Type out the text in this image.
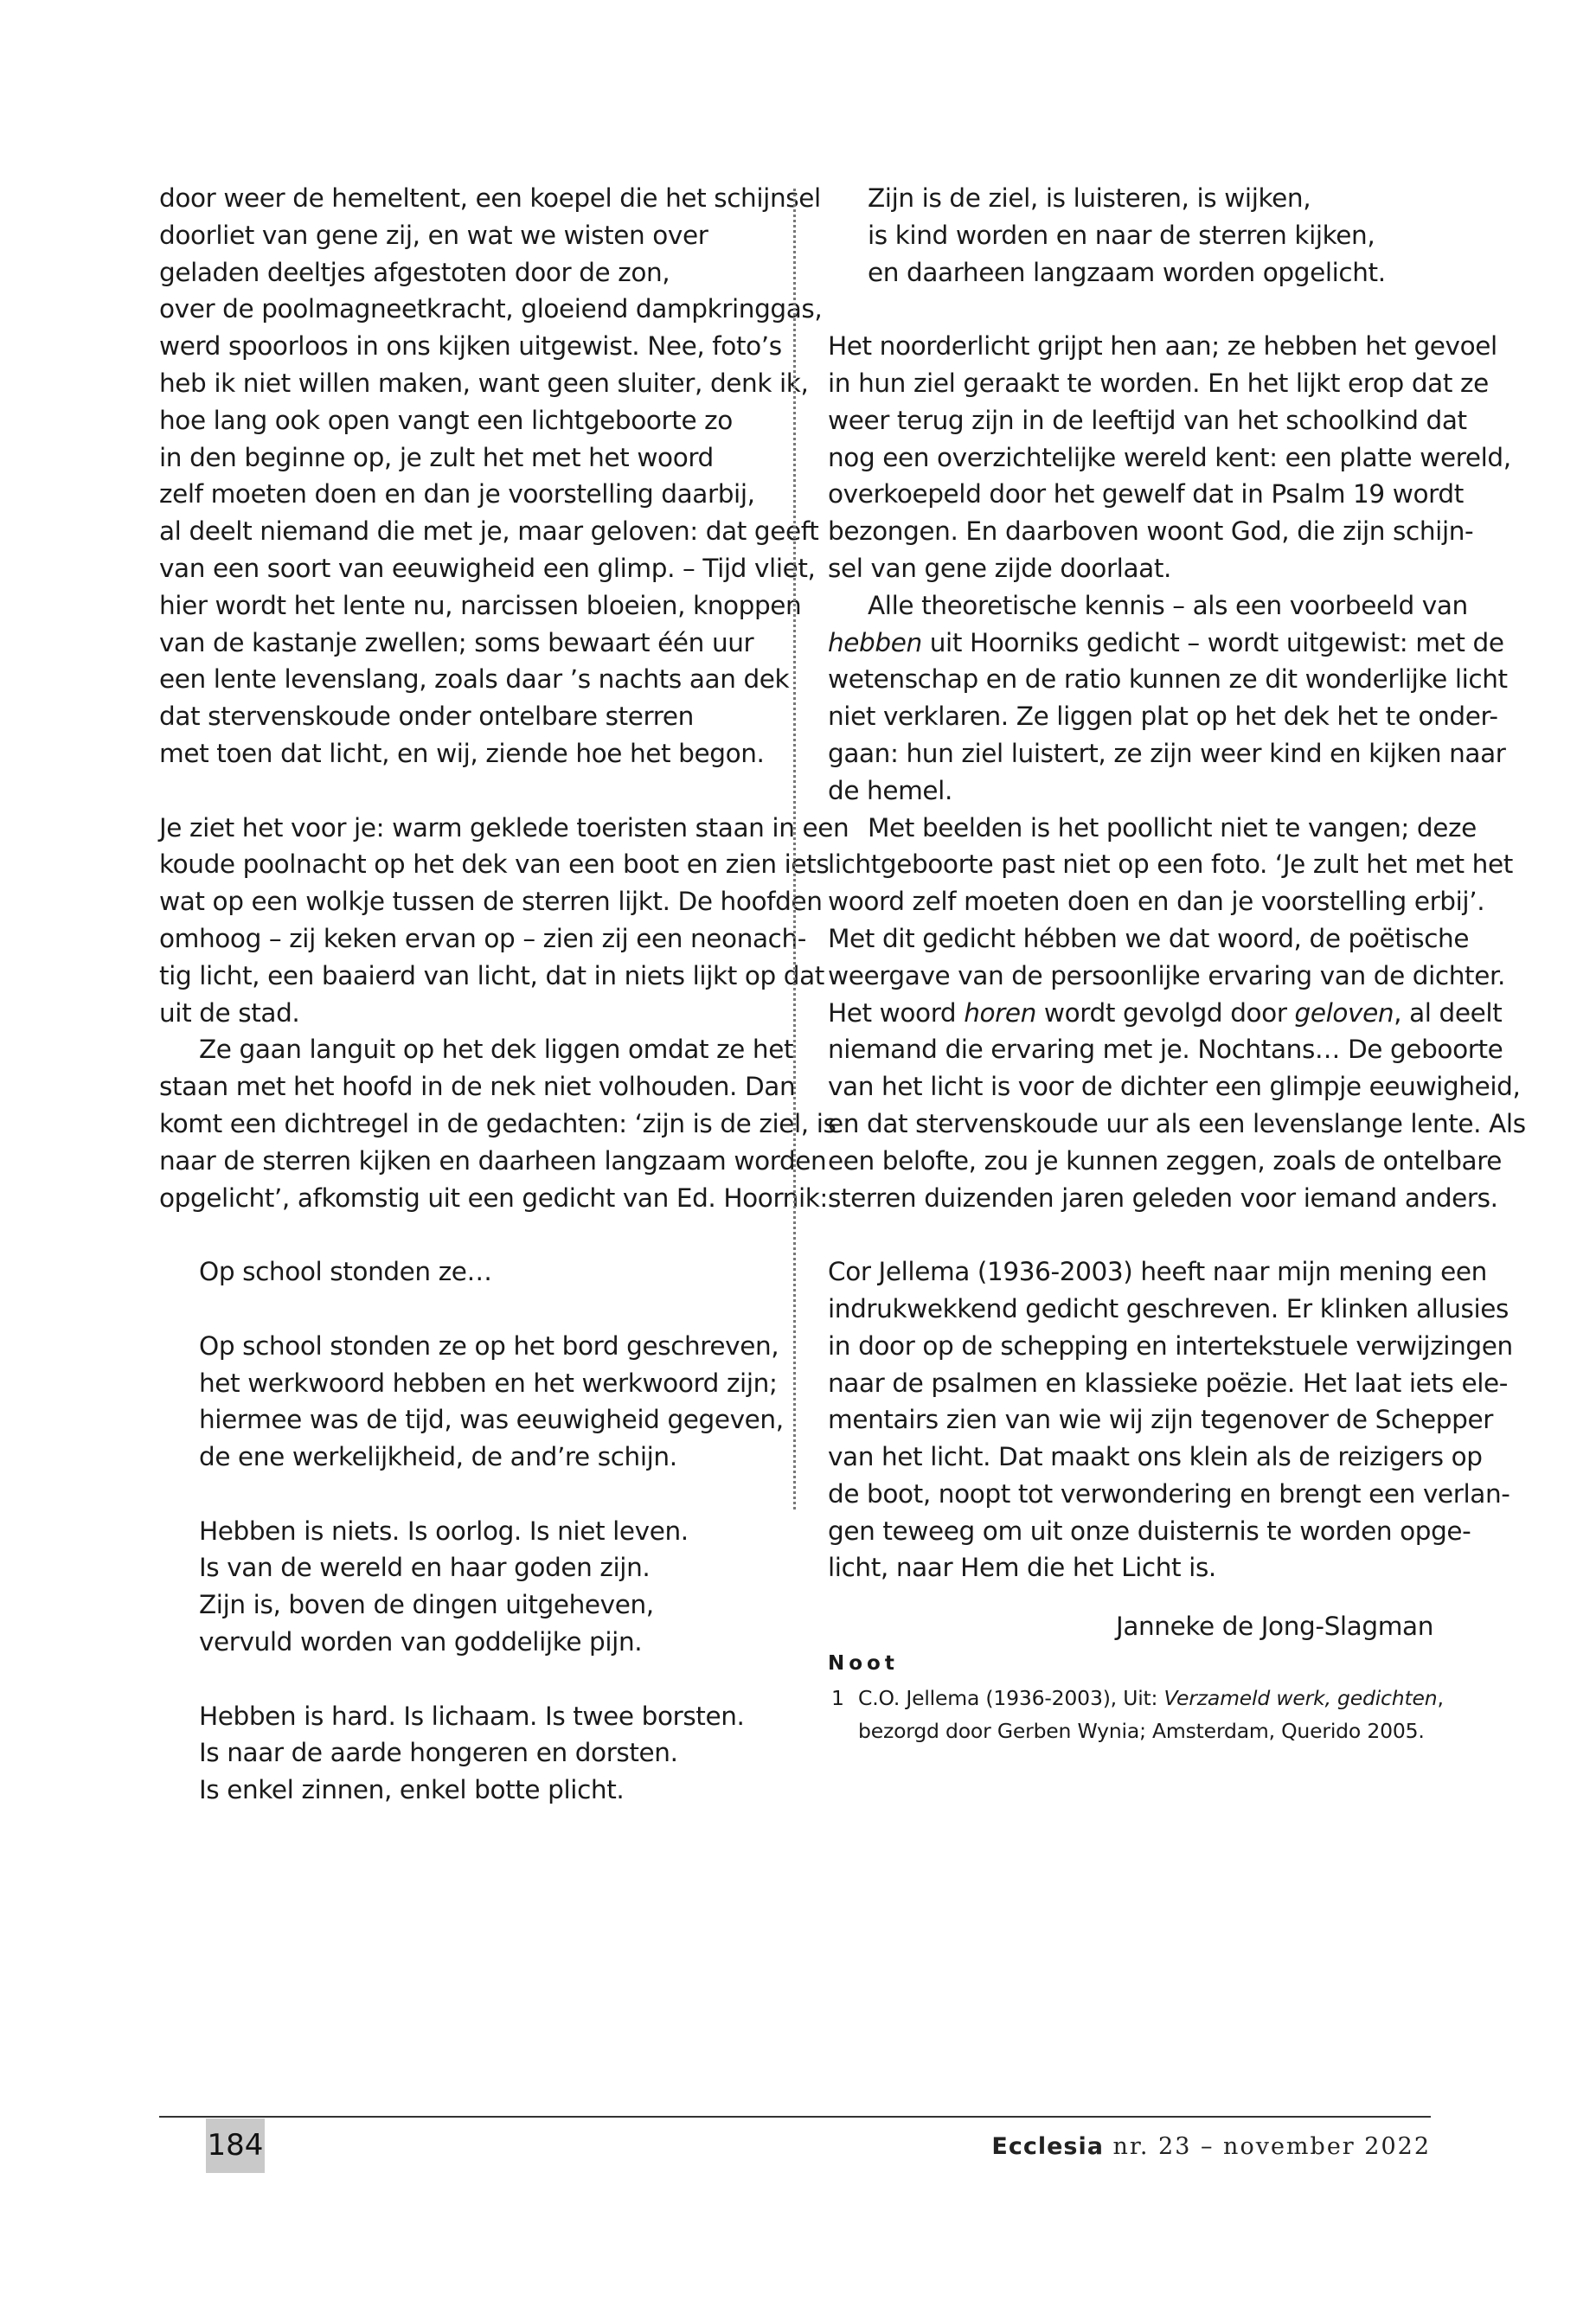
door weer de hemeltent, een koepel die het schijnsel
doorliet van gene zij, en wat we wisten over
geladen deeltjes afgestoten door de zon,
over de poolmagneetkracht, gloeiend dampkringgas,
werd spoorloos in ons kijken uitgewist. Nee, foto’s
heb ik niet willen maken, want geen sluiter, denk ik,
hoe lang ook open vangt een lichtgeboorte zo
in den beginne op, je zult het met het woord
zelf moeten doen en dan je voorstelling daarbij,
al deelt niemand die met je, maar geloven: dat geeft
van een soort van eeuwigheid een glimp. – Tijd vliet,
hier wordt het lente nu, narcissen bloeien, knoppen
van de kastanje zwellen; soms bewaart één uur
een lente levenslang, zoals daar ’s nachts aan dek
dat stervenskoude onder ontelbare sterren
met toen dat licht, en wij, ziende hoe het begon.
Je ziet het voor je: warm geklede toeristen staan in een
koude poolnacht op het dek van een boot en zien iets
wat op een wolkje tussen de sterren lijkt. De hoofden
omhoog – zij keken ervan op – zien zij een neonach-
tig licht, een baaierd van licht, dat in niets lijkt op dat
uit de stad.
Ze gaan languit op het dek liggen omdat ze het
staan met het hoofd in de nek niet volhouden. Dan
komt een dichtregel in de gedachten: ‘zijn is de ziel, is
naar de sterren kijken en daarheen langzaam worden
opgelicht’, afkomstig uit een gedicht van Ed. Hoornik:
Op school stonden ze…
Op school stonden ze op het bord geschreven,
het werkwoord hebben en het werkwoord zijn;
hiermee was de tijd, was eeuwigheid gegeven,
de ene werkelijkheid, de and’re schijn.
Hebben is niets. Is oorlog. Is niet leven.
Is van de wereld en haar goden zijn.
Zijn is, boven de dingen uitgeheven,
vervuld worden van goddelijke pijn.
Hebben is hard. Is lichaam. Is twee borsten.
Is naar de aarde hongeren en dorsten.
Is enkel zinnen, enkel botte plicht.
Zijn is de ziel, is luisteren, is wijken,
is kind worden en naar de sterren kijken,
en daarheen langzaam worden opgelicht.
Het noorderlicht grijpt hen aan; ze hebben het gevoel
in hun ziel geraakt te worden. En het lijkt erop dat ze
weer terug zijn in de leeftijd van het schoolkind dat
nog een overzichtelijke wereld kent: een platte wereld,
overkoepeld door het gewelf dat in Psalm 19 wordt
bezongen. En daarboven woont God, die zijn schijn-
sel van gene zijde doorlaat.
Alle theoretische kennis – als een voorbeeld van
hebben uit Hoorniks gedicht – wordt uitgewist: met de
wetenschap en de ratio kunnen ze dit wonderlijke licht
niet verklaren. Ze liggen plat op het dek het te onder-
gaan: hun ziel luistert, ze zijn weer kind en kijken naar
de hemel.
Met beelden is het poollicht niet te vangen; deze
lichtgeboorte past niet op een foto. ‘Je zult het met het
woord zelf moeten doen en dan je voorstelling erbij’.
Met dit gedicht hébben we dat woord, de poëtische
weergave van de persoonlijke ervaring van de dichter.
Het woord horen wordt gevolgd door geloven, al deelt
niemand die ervaring met je. Nochtans… De geboorte
van het licht is voor de dichter een glimpje eeuwigheid,
en dat stervenskoude uur als een levenslange lente. Als
een belofte, zou je kunnen zeggen, zoals de ontelbare
sterren duizenden jaren geleden voor iemand anders.
Cor Jellema (1936-2003) heeft naar mijn mening een
indrukwekkend gedicht geschreven. Er klinken allusies
in door op de schepping en intertekstuele verwijzingen
naar de psalmen en klassieke poëzie. Het laat iets ele-
mentairs zien van wie wij zijn tegenover de Schepper
van het licht. Dat maakt ons klein als de reizigers op
de boot, noopt tot verwondering en brengt een verlan-
gen teweeg om uit onze duisternis te worden opge-
licht, naar Hem die het Licht is.
Janneke de Jong-Slagman
Noot
1 C.O. Jellema (1936-2003), Uit: Verzameld werk, gedichten,
bezorgd door Gerben Wynia; Amsterdam, Querido 2005.
184	Ecclesia nr. 23 – november 2022
